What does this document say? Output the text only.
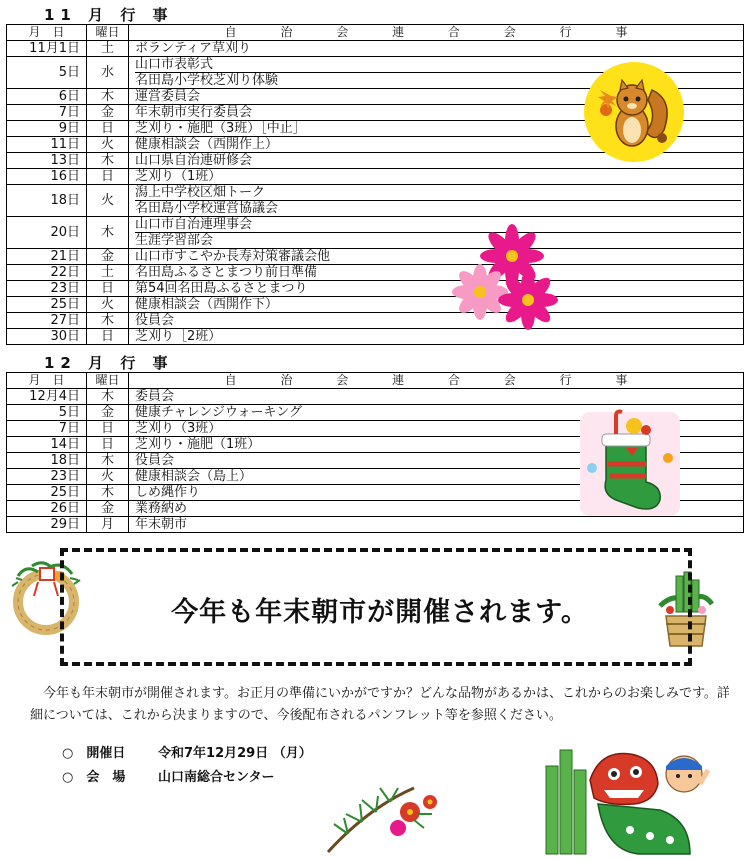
11 月 行 事
月　日	曜日	自 治 会 連 合 会 行 事
11月1日	土	ボランティア草刈り

5日	水	山口市表彰式
名田島小学校芝刈り体験

6日	木	運営委員会

7日	金	年末朝市実行委員会

9日	日	芝刈り・施肥（3班）［中止］

11日	火	健康相談会（西開作上）

13日	木	山口県自治連研修会

16日	日	芝刈り（1班）

18日	火	潟上中学校区畑トーク
名田島小学校運営協議会

20日	木	山口市自治連理事会
生涯学習部会

21日	金	山口市すこやか長寿対策審議会他

22日	土	名田島ふるさとまつり前日準備

23日	日	第54回名田島ふるさとまつり

25日	火	健康相談会（西開作下）

27日	木	役員会

30日	日	芝刈り［2班）
12 月 行 事
月　日	曜日	自 治 会 連 合 会 行 事
12月4日	木	委員会

5日	金	健康チャレンジウォーキング

7日	日	芝刈り（3班）

14日	日	芝刈り・施肥（1班）

18日	木	役員会

23日	火	健康相談会（島上）

25日	木	しめ縄作り

26日	金	業務納め

29日	月	年末朝市
今年も年末朝市が開催されます。

今年も年末朝市が開催されます。お正月の準備にいかがですか？どんな品物があるかは、これからのお楽しみです。詳細については、これから決まりますので、今後配布されるパンフレット等を参照ください。

○　開催日	令和7年12月29日 （月）
○　会　場	山口南総合センター
